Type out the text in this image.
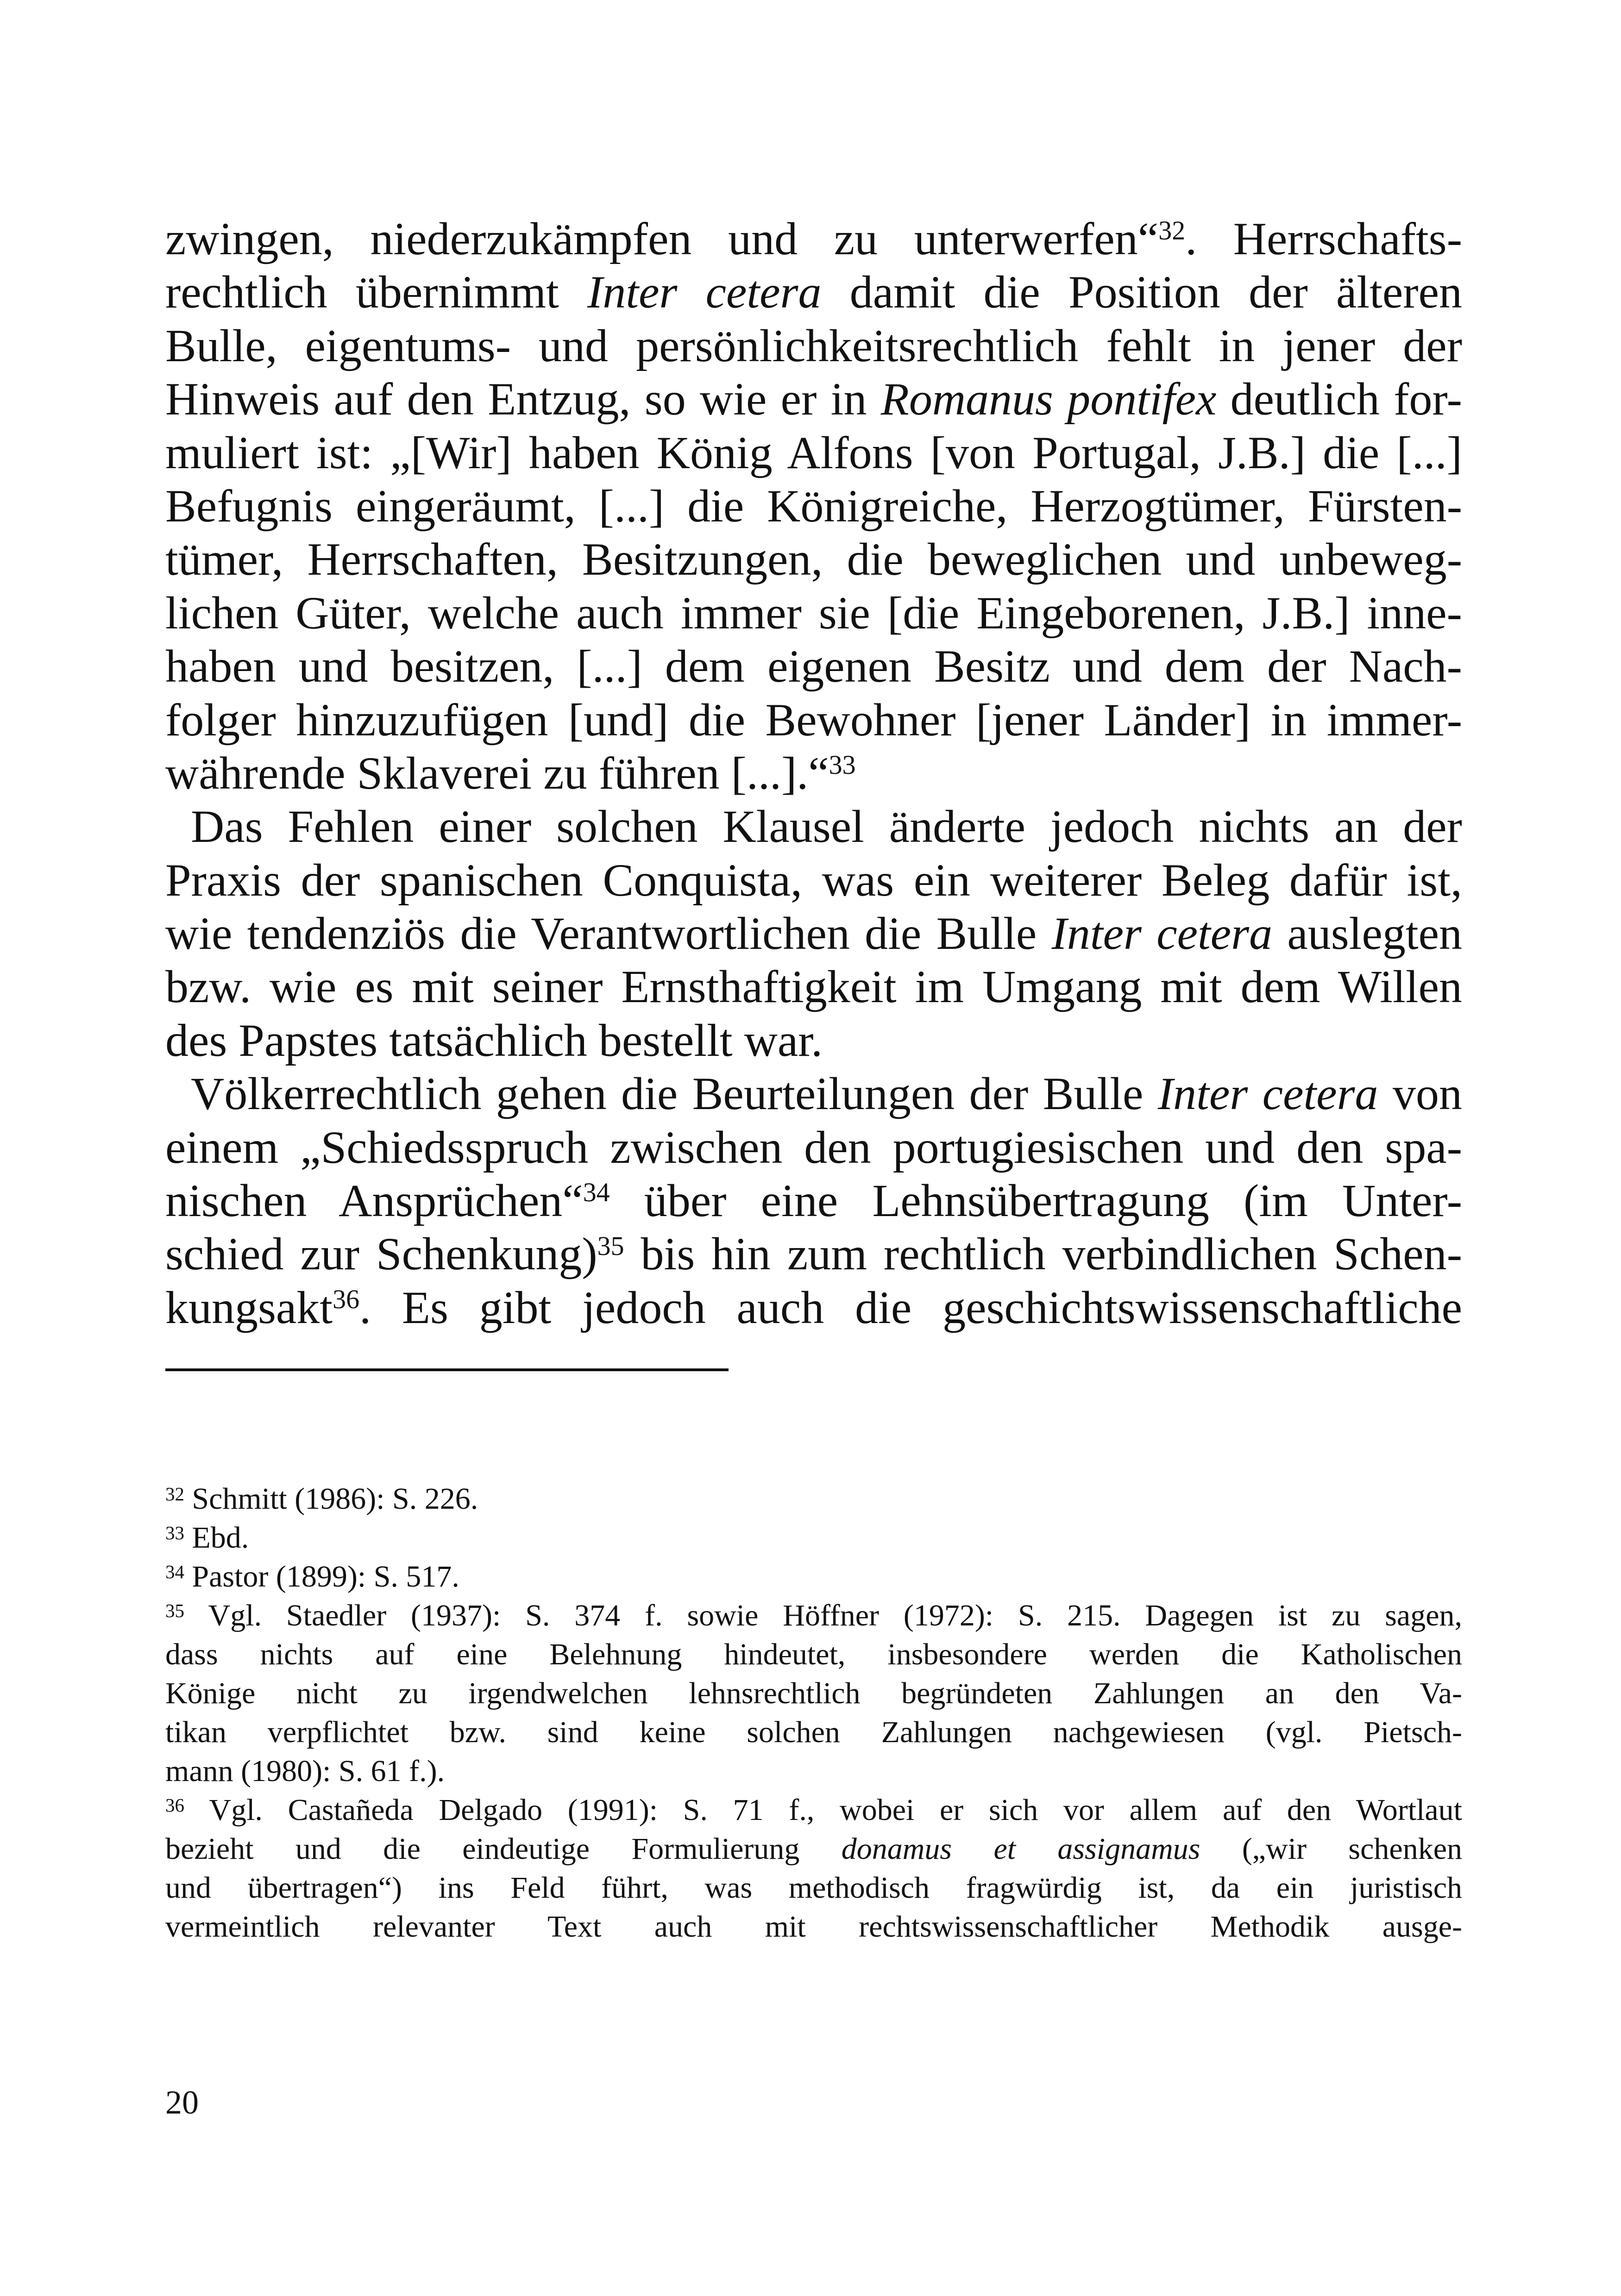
zwingen, niederzukämpfen und zu unterwerfen“$^{32}$. Herrschafts-
rechtlich übernimmt Inter cetera damit die Position der älteren
Bulle, eigentums- und persönlichkeitsrechtlich fehlt in jener der
Hinweis auf den Entzug, so wie er in Romanus pontifex deutlich for-
muliert ist: „[Wir] haben König Alfons [von Portugal, J.B.] die [...]
Befugnis eingeräumt, [...] die Königreiche, Herzogtümer, Fürsten-
tümer, Herrschaften, Besitzungen, die beweglichen und unbeweg-
lichen Güter, welche auch immer sie [die Eingeborenen, J.B.] inne-
haben und besitzen, [...] dem eigenen Besitz und dem der Nach-
folger hinzuzufügen [und] die Bewohner [jener Länder] in immer-
währende Sklaverei zu führen [...].“$^{33}$
Das Fehlen einer solchen Klausel änderte jedoch nichts an der
Praxis der spanischen Conquista, was ein weiterer Beleg dafür ist,
wie tendenziös die Verantwortlichen die Bulle Inter cetera auslegten
bzw. wie es mit seiner Ernsthaftigkeit im Umgang mit dem Willen
des Papstes tatsächlich bestellt war.
Völkerrechtlich gehen die Beurteilungen der Bulle Inter cetera von
einem „Schiedsspruch zwischen den portugiesischen und den spa-
nischen Ansprüchen“$^{34}$ über eine Lehnsübertragung (im Unter-
schied zur Schenkung)$^{35}$ bis hin zum rechtlich verbindlichen Schen-
kungsakt$^{36}$. Es gibt jedoch auch die geschichtswissenschaftliche
$^{32}$ Schmitt (1986): S. 226.
$^{33}$ Ebd.
$^{34}$ Pastor (1899): S. 517.
$^{35}$ Vgl. Staedler (1937): S. 374 f. sowie Höffner (1972): S. 215. Dagegen ist zu sagen,
dass nichts auf eine Belehnung hindeutet, insbesondere werden die Katholischen
Könige nicht zu irgendwelchen lehnsrechtlich begründeten Zahlungen an den Va-
tikan verpflichtet bzw. sind keine solchen Zahlungen nachgewiesen (vgl. Pietsch-
mann (1980): S. 61 f.).
$^{36}$ Vgl. Castañeda Delgado (1991): S. 71 f., wobei er sich vor allem auf den Wortlaut
bezieht und die eindeutige Formulierung donamus et assignamus („wir schenken
und übertragen“) ins Feld führt, was methodisch fragwürdig ist, da ein juristisch
vermeintlich relevanter Text auch mit rechtswissenschaftlicher Methodik ausge-
20
